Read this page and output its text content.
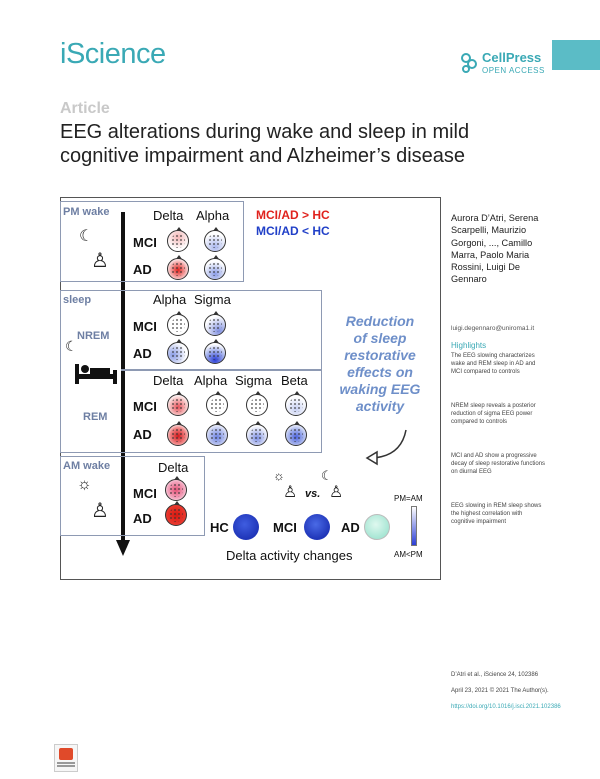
iScience	CellPress
OPEN ACCESS
Article
EEG alterations during wake and sleep in mild cognitive impairment and Alzheimer’s disease
PM wake
☾
♙
Delta Alpha
MCI
AD
MCI/AD > HC
MCI/AD < HC
sleep
NREM
☾
REM
Alpha Sigma
MCI
AD
Delta Alpha Sigma Beta
MCI
AD
Reduction
of sleep
restorative
effects on
waking EEG
activity
AM wake
☼
♙
Delta
MCI
AD
☼
♙ vs.
☾
♙
HC	MCI	AD
PM=AM
AM<PM
Delta activity changes
Aurora D’Atri, Serena Scarpelli, Maurizio Gorgoni, ..., Camillo Marra, Paolo Maria Rossini, Luigi De Gennaro
luigi.degennaro@uniroma1.it
Highlights
The EEG slowing characterizes wake and REM sleep in AD and MCI compared to controls
NREM sleep reveals a posterior reduction of sigma EEG power compared to controls
MCI and AD show a progressive decay of sleep restorative functions on diurnal EEG
EEG slowing in REM sleep shows the highest correlation with cognitive impairment
D’Atri et al., iScience 24, 102386
April 23, 2021 © 2021 The Author(s).
https://doi.org/10.1016/j.isci.2021.102386
